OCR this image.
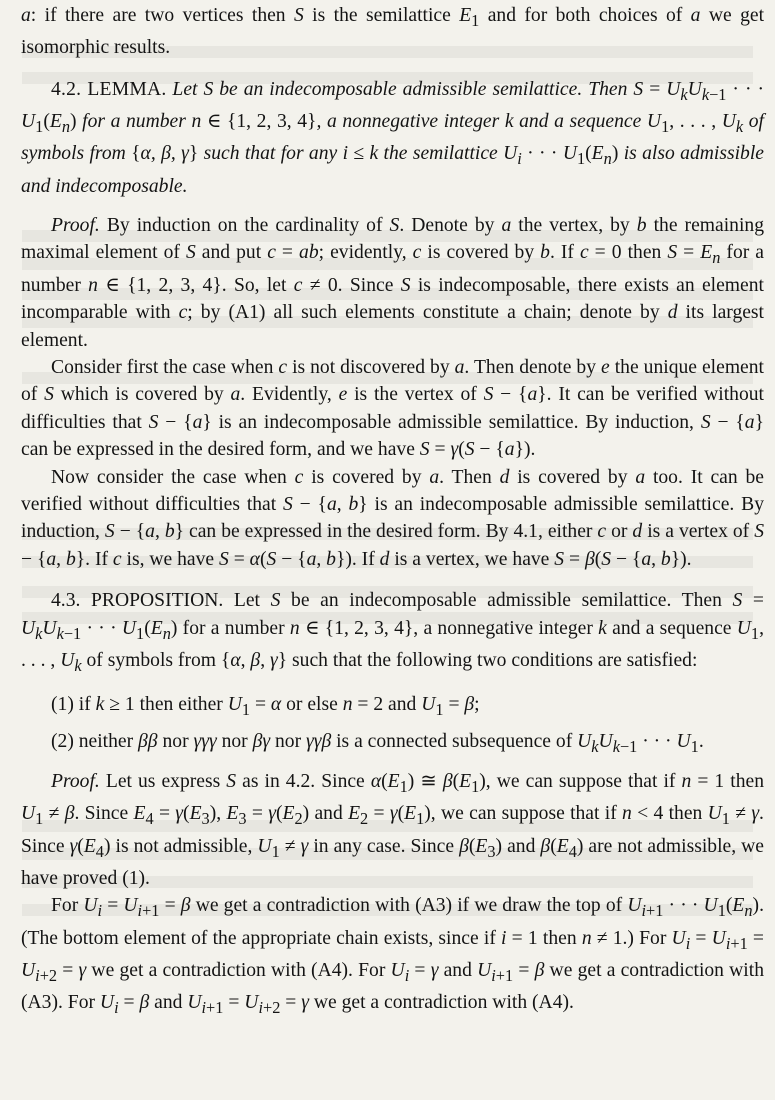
a: if there are two vertices then S is the semilattice $E_1$ and for both choices of a we get isomorphic results.

4.2. LEMMA. Let S be an indecomposable admissible semilattice. Then $S = U_kU_{k-1}$ · · · $U_1(E_n)$ for a number n ∈ {1, 2, 3, 4}, a nonnegative integer k and a sequence $U_1$, . . . , $U_k$ of symbols from {α, β, γ} such that for any i ≤ k the semilattice $U_i$ · · · $U_1(E_n)$ is also admissible and indecomposable.

Proof. By induction on the cardinality of S. Denote by a the vertex, by b the remaining maximal element of S and put c = ab; evidently, c is covered by b. If c = 0 then $S = E_n$ for a number n ∈ {1, 2, 3, 4}. So, let c ≠ 0. Since S is indecomposable, there exists an element incomparable with c; by (A1) all such elements constitute a chain; denote by d its largest element.

Consider first the case when c is not discovered by a. Then denote by e the unique element of S which is covered by a. Evidently, e is the vertex of S − {a}. It can be verified without difficulties that S − {a} is an indecomposable admissible semilattice. By induction, S − {a} can be expressed in the desired form, and we have S = γ(S − {a}).

Now consider the case when c is covered by a. Then d is covered by a too. It can be verified without difficulties that S − {a, b} is an indecomposable admissible semilattice. By induction, S − {a, b} can be expressed in the desired form. By 4.1, either c or d is a vertex of S − {a, b}. If c is, we have S = α(S − {a, b}). If d is a vertex, we have S = β(S − {a, b}).

4.3. PROPOSITION. Let S be an indecomposable admissible semilattice. Then $S = U_kU_{k-1}$ · · · $U_1(E_n)$ for a number n ∈ {1, 2, 3, 4}, a nonnegative integer k and a sequence $U_1$, . . . , $U_k$ of symbols from {α, β, γ} such that the following two conditions are satisfied:

(1) if k ≥ 1 then either $U_1 = \alpha$ or else n = 2 and $U_1 = \beta$;

(2) neither ββ nor γγγ nor βγ nor γγβ is a connected subsequence of $U_kU_{k-1}$ · · · $U_1$.

Proof. Let us express S as in 4.2. Since $\alpha(E_1)$ ≅ $\beta(E_1)$, we can suppose that if n = 1 then $U_1 \ne \beta$. Since $E_4 = \gamma(E_3)$, $E_3 = \gamma(E_2)$ and $E_2 = \gamma(E_1)$, we can suppose that if n < 4 then $U_1 \ne \gamma$. Since $\gamma(E_4)$ is not admissible, $U_1 \ne \gamma$ in any case. Since $\beta(E_3)$ and $\beta(E_4)$ are not admissible, we have proved (1).

For $U_i = U_{i+1} = \beta$ we get a contradiction with (A3) if we draw the top of $U_{i+1}$ · · · $U_1(E_n)$. (The bottom element of the appropriate chain exists, since if i = 1 then n ≠ 1.) For $U_i = U_{i+1} = U_{i+2} = \gamma$ we get a contradiction with (A4). For $U_i = \gamma$ and $U_{i+1} = \beta$ we get a contradiction with (A3). For $U_i = \beta$ and $U_{i+1} = U_{i+2} = \gamma$ we get a contradiction with (A4).
